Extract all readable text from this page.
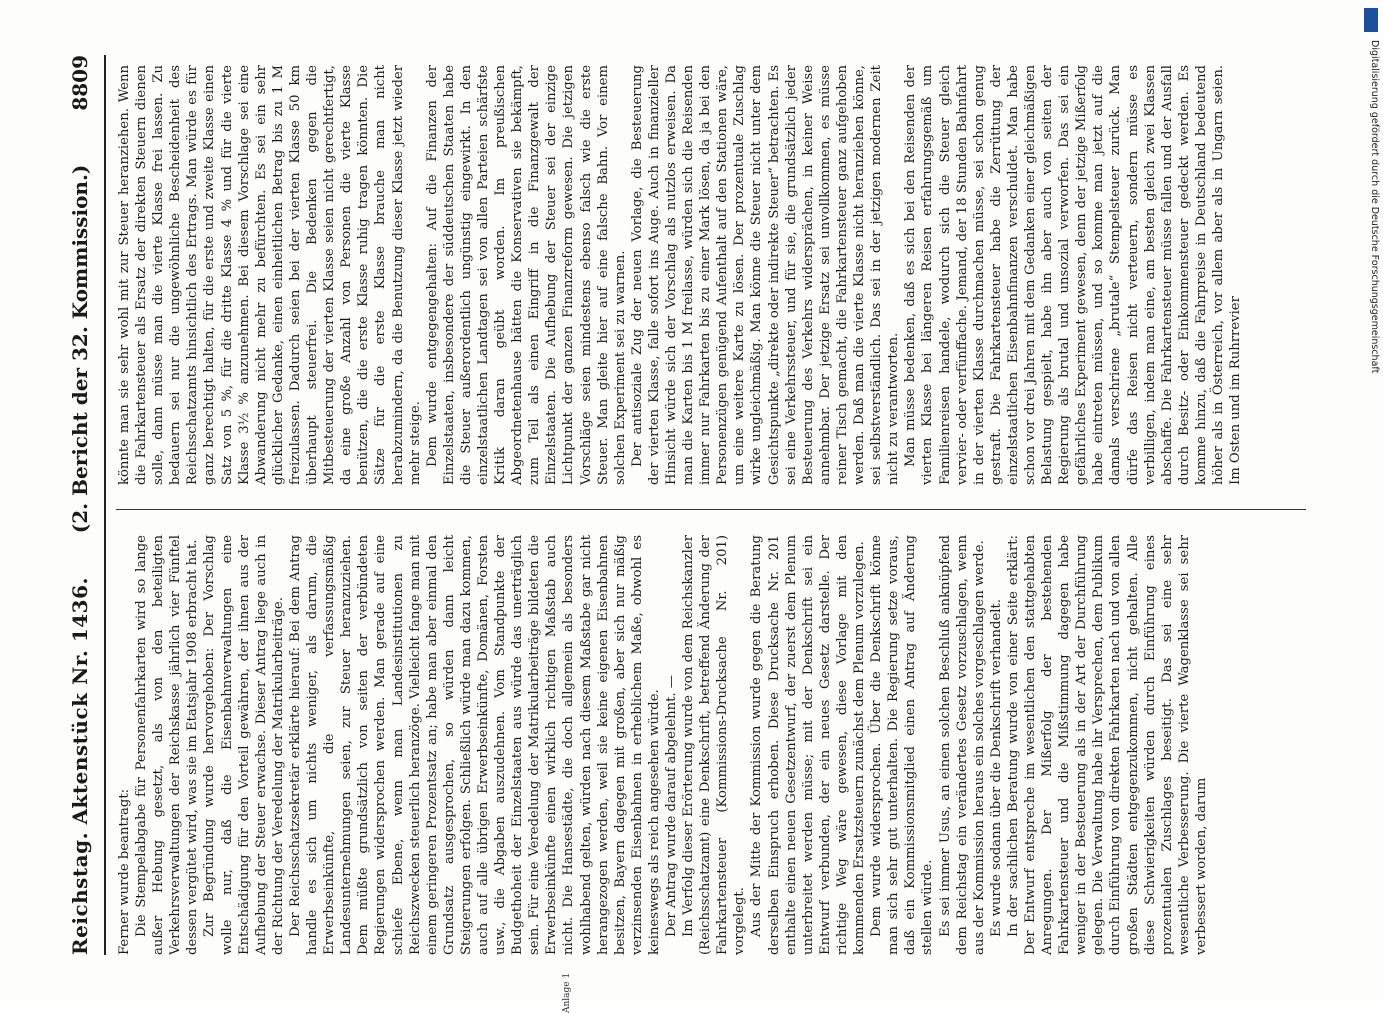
Reichstag. Aktenstück Nr. 1436.
(2. Bericht der 32. Kommission.)  8809
Anlage 1

Ferner wurde beantragt: Die Stempelabgabe für Personenfahrkarten wird so lange außer Hebung gesetzt, als von den beteiligten Verkehrsverwaltungen der Reichskasse jährlich vier Fünftel dessen vergütet wird, was sie im Etatsjahr 1908 erbracht hat. Zur Begründung wurde hervorgehoben: Der Vorschlag wolle nur, daß die Eisenbahnverwaltungen eine Entschädigung für den Vorteil gewähren, der ihnen aus der Aufhebung der Steuer erwachse. Dieser Antrag liege auch in der Richtung der Veredelung der Matrikularbeiträge. Der Reichsschatzsekretär erklärte hierauf: Bei dem Antrag handle es sich um nichts weniger, als darum, die Erwerbseinkünfte, die verfassungsmäßig Landesunternehmungen seien, zur Steuer heranzuziehen. Dem müßte grundsätzlich von seiten der verbündeten Regierungen widersprochen werden. Man gerade auf eine schiefe Ebene, wenn man Landesinstitutionen zu Reichszwecken steuerlich heranzöge. Vielleicht fange man mit einem geringeren Prozentsatz an; habe man aber einmal den Grundsatz ausgesprochen, so würden dann leicht Steigerungen erfolgen. Schließlich würde man dazu kommen, auch auf alle übrigen Erwerbseinkünfte, Domänen, Forsten usw., die Abgaben auszudehnen. Vom Standpunkte der Budgethoheit der Einzelstaaten aus würde das unerträglich sein. Für eine Veredelung der Matrikularbeiträge bildeten die Erwerbseinkünfte einen wirklich richtigen Maßstab auch nicht. Die Hansestädte, die doch allgemein als besonders wohlhabend gelten, würden nach diesem Maßstabe gar nicht herangezogen werden, weil sie keine eigenen Eisenbahnen besitzen, Bayern dagegen mit großen, aber sich nur mäßig verzinsenden Eisenbahnen in erheblichem Maße, obwohl es keineswegs als reich angesehen würde. Der Antrag wurde darauf abgelehnt. — Im Verfolg dieser Erörterung wurde von dem Reichskanzler (Reichsschatzamt) eine Denkschrift, betreffend Änderung der Fahrkartensteuer (Kommissions-Drucksache Nr. 201) vorgelegt. Aus der Mitte der Kommission wurde gegen die Beratung derselben Einspruch erhoben. Diese Drucksache Nr. 201 enthalte einen neuen Gesetzentwurf, der zuerst dem Plenum unterbreitet werden müsse; mit der Denkschrift sei ein Entwurf verbunden, der ein neues Gesetz darstelle. Der richtige Weg wäre gewesen, diese Vorlage mit den kommenden Ersatzsteuern zunächst dem Plenum vorzulegen. Dem wurde widersprochen. Über die Denkschrift könne man sich sehr gut unterhalten. Die Regierung setze voraus, daß ein Kommissionsmitglied einen Antrag auf Änderung stellen würde. Es sei immer Usus, an einen solchen Beschluß anknüpfend dem Reichstag ein verändertes Gesetz vorzuschlagen, wenn aus der Kommission heraus ein solches vorgeschlagen werde. Es wurde sodann über die Denkschrift verhandelt. In der sachlichen Beratung wurde von einer Seite erklärt: Der Entwurf entspreche im wesentlichen den stattgehabten Anregungen. Der Mißerfolg der bestehenden Fahrkartensteuer und die Mißstimmung dagegen habe weniger in der Besteuerung als in der Art der Durchführung gelegen. Die Verwaltung habe ihr Versprechen, dem Publikum durch Einführung von direkten Fahrkarten nach und von allen großen Städten entgegenzukommen, nicht gehalten. Alle diese Schwierigkeiten würden durch Einführung eines prozentualen Zuschlages beseitigt. Das sei eine sehr wesentliche Verbesserung. Die vierte Wagenklasse sei sehr verbessert worden, darum

könnte man sie sehr wohl mit zur Steuer heranziehen. Wenn die Fahrkartensteuer als Ersatz der direkten Steuern dienen solle, dann müsse man die vierte Klasse frei lassen. Zu bedauern sei nur die ungewöhnliche Bescheidenheit des Reichsschatzamts hinsichtlich des Ertrags. Man würde es für ganz berechtigt halten, für die erste und zweite Klasse einen Satz von 5 %, für die dritte Klasse 4 % und für die vierte Klasse 3½ % anzunehmen. Bei diesem Vorschlage sei eine Abwanderung nicht mehr zu befürchten. Es sei ein sehr glücklicher Gedanke, einen einheitlichen Betrag bis zu 1 M freizulassen. Dadurch seien bei der vierten Klasse 50 km überhaupt steuerfrei. Die Bedenken gegen die Mitbesteuerung der vierten Klasse seien nicht gerechtfertigt, da eine große Anzahl von Personen die vierte Klasse benützen, die die erste Klasse ruhig tragen könnten. Die Sätze für die erste Klasse brauche man nicht herabzumindern, da die Benutzung dieser Klasse jetzt wieder mehr steige. Dem wurde entgegengehalten: Auf die Finanzen der Einzelstaaten, insbesondere der süddeutschen Staaten habe die Steuer außerordentlich ungünstig eingewirkt. In den einzelstaatlichen Landtagen sei von allen Parteien schärfste Kritik daran geübt worden. Im preußischen Abgeordnetenhause hätten die Konservativen sie bekämpft, zum Teil als einen Eingriff in die Finanzgewalt der Einzelstaaten. Die Aufhebung der Steuer sei der einzige Lichtpunkt der ganzen Finanzreform gewesen. Die jetzigen Vorschläge seien mindestens ebenso falsch wie die erste Steuer. Man gleite hier auf eine falsche Bahn. Vor einem solchen Experiment sei zu warnen. Der antisoziale Zug der neuen Vorlage, die Besteuerung der vierten Klasse, falle sofort ins Auge. Auch in finanzieller Hinsicht würde sich der Vorschlag als nutzlos erweisen. Da man die Karten bis 1 M freilasse, würden sich die Reisenden immer nur Fahrkarten bis zu einer Mark lösen, da ja bei den Personenzügen genügend Aufenthalt auf den Stationen wäre, um eine weitere Karte zu lösen. Der prozentuale Zuschlag wirke ungleichmäßig. Man könne die Steuer nicht unter dem Gesichtspunkte „direkte oder indirekte Steuer“ betrachten. Es sei eine Verkehrssteuer, und für sie, die grundsätzlich jeder Besteuerung des Verkehrs widersprächen, in keiner Weise annehmbar. Der jetzige Ersatz sei unvollkommen, es müsse reiner Tisch gemacht, die Fahrkartensteuer ganz aufgehoben werden. Daß man die vierte Klasse nicht heranziehen könne, sei selbstverständlich. Das sei in der jetzigen modernen Zeit nicht zu verantworten. Man müsse bedenken, daß es sich bei den Reisenden der vierten Klasse bei längeren Reisen erfahrungsgemäß um Familienreisen handele, wodurch sich die Steuer gleich vervier- oder verfünffache. Jemand, der 18 Stunden Bahnfahrt in der vierten Klasse durchmachen müsse, sei schon genug gestraft. Die Fahrkartensteuer habe die Zerrüttung der einzelstaatlichen Eisenbahnfinanzen verschuldet. Man habe schon vor drei Jahren mit dem Gedanken einer gleichmäßigen Belastung gespielt, habe ihn aber auch von seiten der Regierung als brutal und unsozial verworfen. Das sei ein gefährliches Experiment gewesen, denn der jetzige Mißerfolg habe eintreten müssen, und so komme man jetzt auf die damals verschriene „brutale“ Stempelsteuer zurück. Man dürfe das Reisen nicht verteuern, sondern müsse es verbilligen, indem man eine, am besten gleich zwei Klassen abschaffe. Die Fahrkartensteuer müsse fallen und der Ausfall durch Besitz- oder Einkommensteuer gedeckt werden. Es komme hinzu, daß die Fahrpreise in Deutschland bedeutend höher als in Österreich, vor allem aber als in Ungarn seien. Im Osten und im Ruhrrevier

Digitalisierung gefördert durch die Deutsche Forschungsgemeinschaft
